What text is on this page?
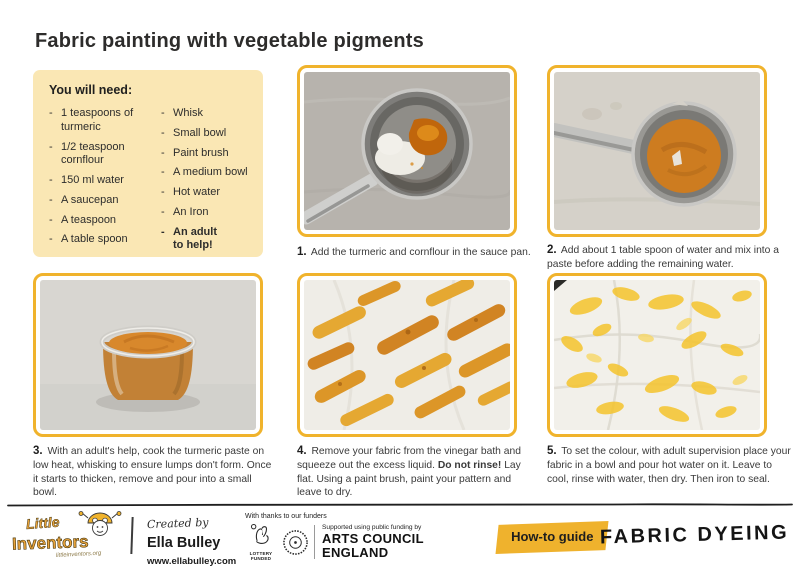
Fabric painting with vegetable pigments
You will need:
- 1 teaspoons of turmeric
- 1/2 teaspoon cornflour
- 150 ml water
- A saucepan
- A teaspoon
- A table spoon
- Whisk
- Small bowl
- Paint brush
- A medium bowl
- Hot water
- An Iron
- An adult
to help!

1. Add the turmeric and cornflour in the sauce pan. 2. Add about 1 table spoon of water and mix into a paste before adding the remaining water.

3. With an adult's help, cook the turmeric paste on low heat, whisking to ensure lumps don't form. Once it starts to thicken, remove and pour into a small bowl.

4. Remove your fabric from the vinegar bath and squeeze out the excess liquid. Do not rinse! Lay flat. Using a paint brush, paint your pattern and leave to dry.

5. To set the colour, with adult supervision place your fabric in a bowl and pour hot water on it. Leave to cool, rinse with water, then dry. Then iron to seal.

Little
Inventors
littleinventors.org
Created by
Ella Bulley
www.ellabulley.com
With thanks to our funders
LOTTERY FUNDED
Supported using public funding by
ARTS COUNCIL
ENGLAND
How-to guide FABRIC DYEING
